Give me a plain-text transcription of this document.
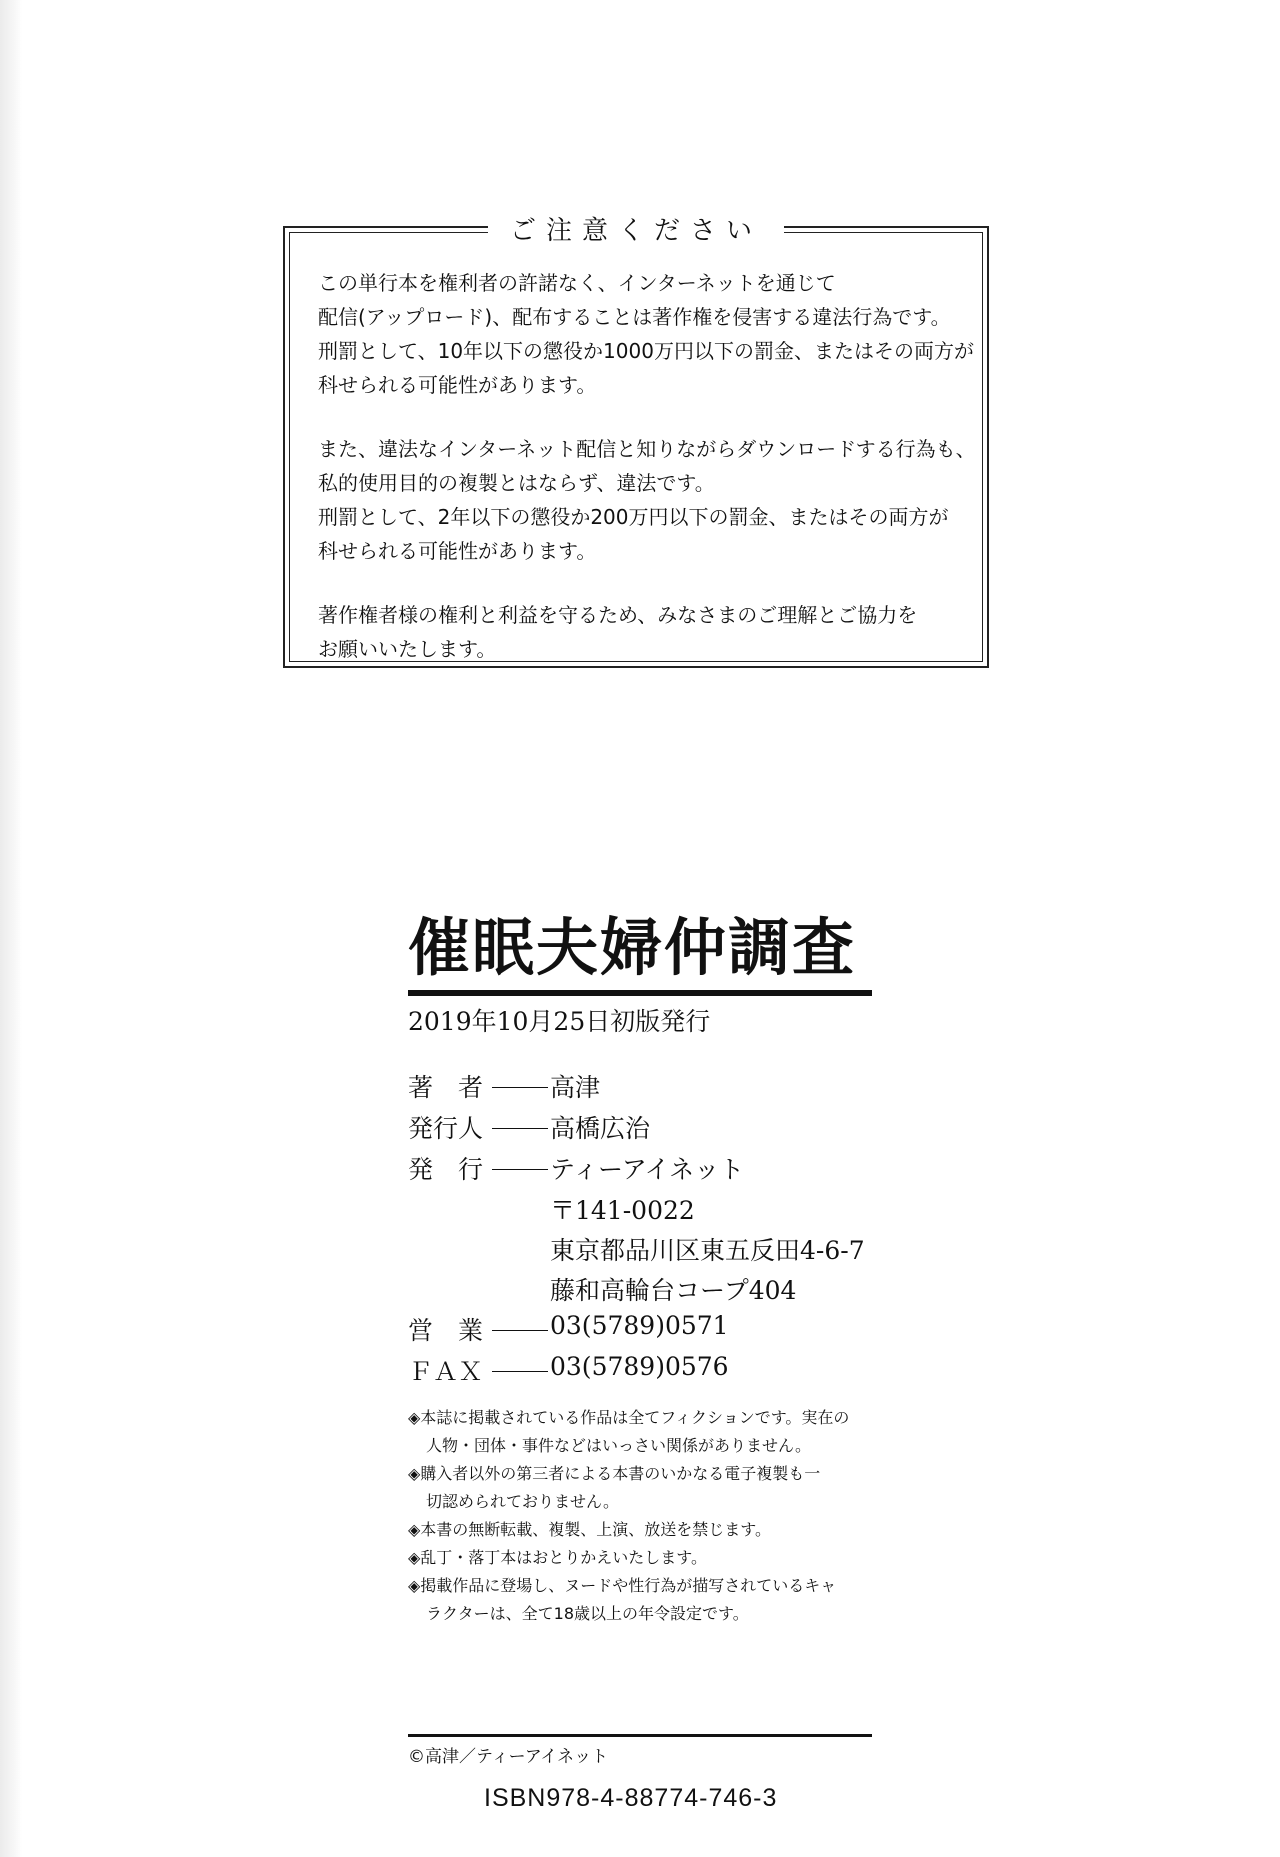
ご注意ください

この単行本を権利者の許諾なく、インターネットを通じて
配信(アップロード)、配布することは著作権を侵害する違法行為です。
刑罰として、10年以下の懲役か1000万円以下の罰金、またはその両方が
科せられる可能性があります。

また、違法なインターネット配信と知りながらダウンロードする行為も、
私的使用目的の複製とはならず、違法です。
刑罰として、2年以下の懲役か200万円以下の罰金、またはその両方が
科せられる可能性があります。

著作権者様の権利と利益を守るため、みなさまのご理解とご協力を
お願いいたします。

催眠夫婦仲調査
2019年10月25日初版発行
著　者	高津
発行人	高橋広治
発　行	ティーアイネット
〒141-0022
東京都品川区東五反田4-6-7
藤和高輪台コープ404
営　業	03(5789)0571
ＦＡＸ	03(5789)0576
◈本誌に掲載されている作品は全てフィクションです。実在の
人物・団体・事件などはいっさい関係がありません。
◈購入者以外の第三者による本書のいかなる電子複製も一
切認められておりません。
◈本書の無断転載、複製、上演、放送を禁じます。
◈乱丁・落丁本はおとりかえいたします。
◈掲載作品に登場し、ヌードや性行為が描写されているキャ
ラクターは、全て18歳以上の年令設定です。
©高津／ティーアイネット
ISBN978-4-88774-746-3
